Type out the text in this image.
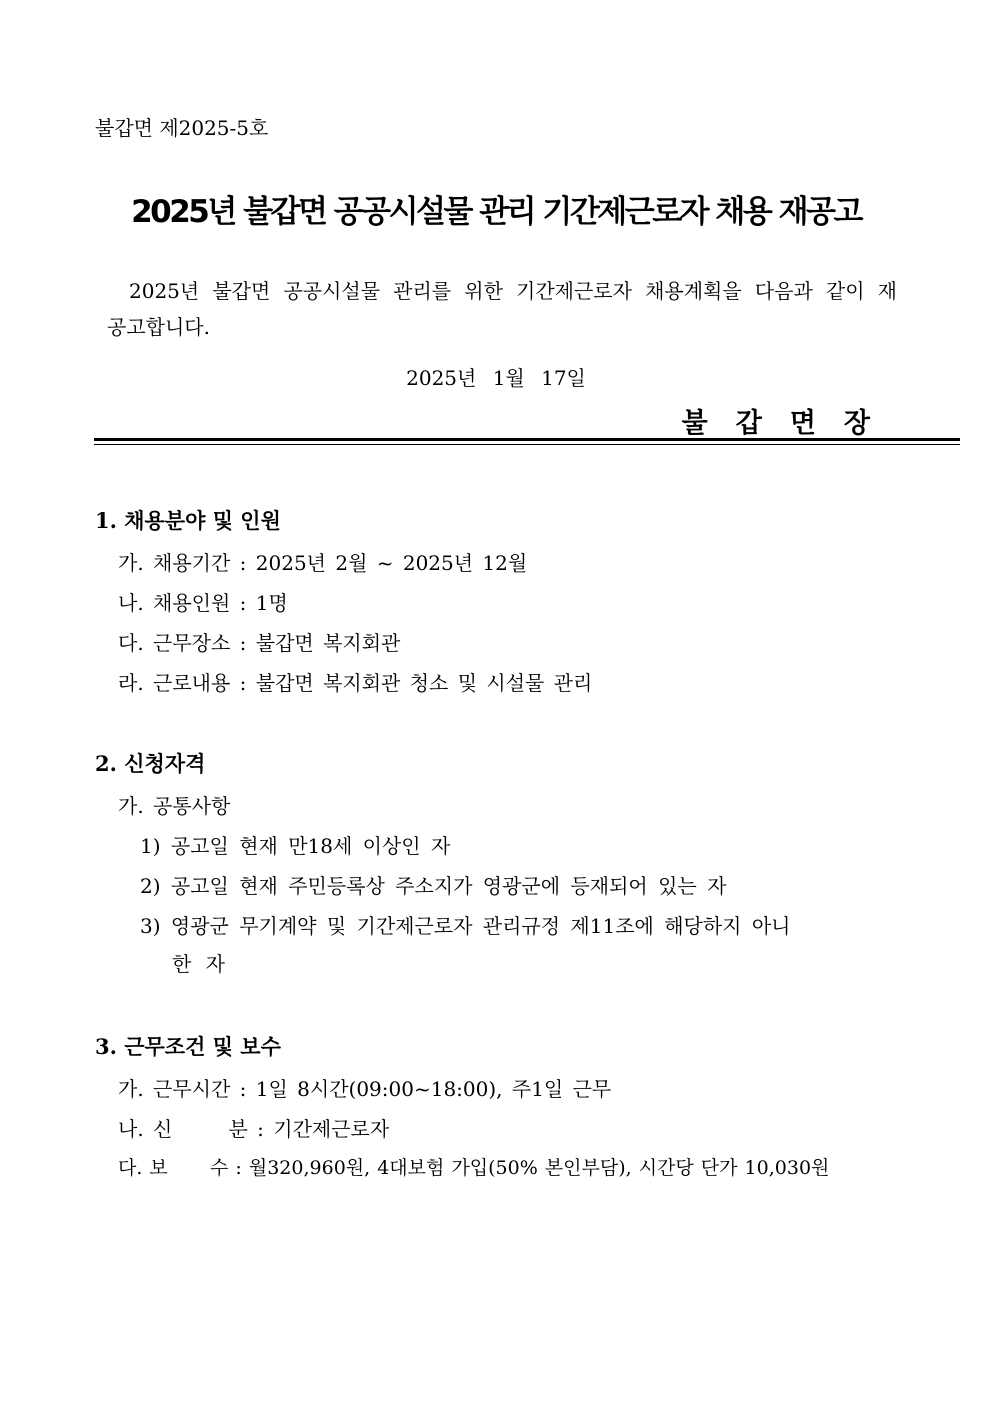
불갑면 제2025-5호
2025년 불갑면 공공시설물 관리 기간제근로자 채용 재공고
2025년 불갑면 공공시설물 관리를 위한 기간제근로자 채용계획을 다음과 같이 재공고합니다.
2025년 1월 17일
불갑면장
1. 채용분야 및 인원
가. 채용기간 : 2025년 2월 ~ 2025년 12월
나. 채용인원 : 1명
다. 근무장소 : 불갑면 복지회관
라. 근로내용 : 불갑면 복지회관 청소 및 시설물 관리
2. 신청자격
가. 공통사항
1) 공고일 현재 만18세 이상인 자
2) 공고일 현재 주민등록상 주소지가 영광군에 등재되어 있는 자
3) 영광군 무기계약 및 기간제근로자 관리규정 제11조에 해당하지 아니
한 자
3. 근무조건 및 보수
가. 근무시간 : 1일 8시간(09:00~18:00), 주1일 근무
나. 신      분 : 기간제근로자
다. 보      수 : 월320,960원, 4대보험 가입(50% 본인부담), 시간당 단가 10,030원
